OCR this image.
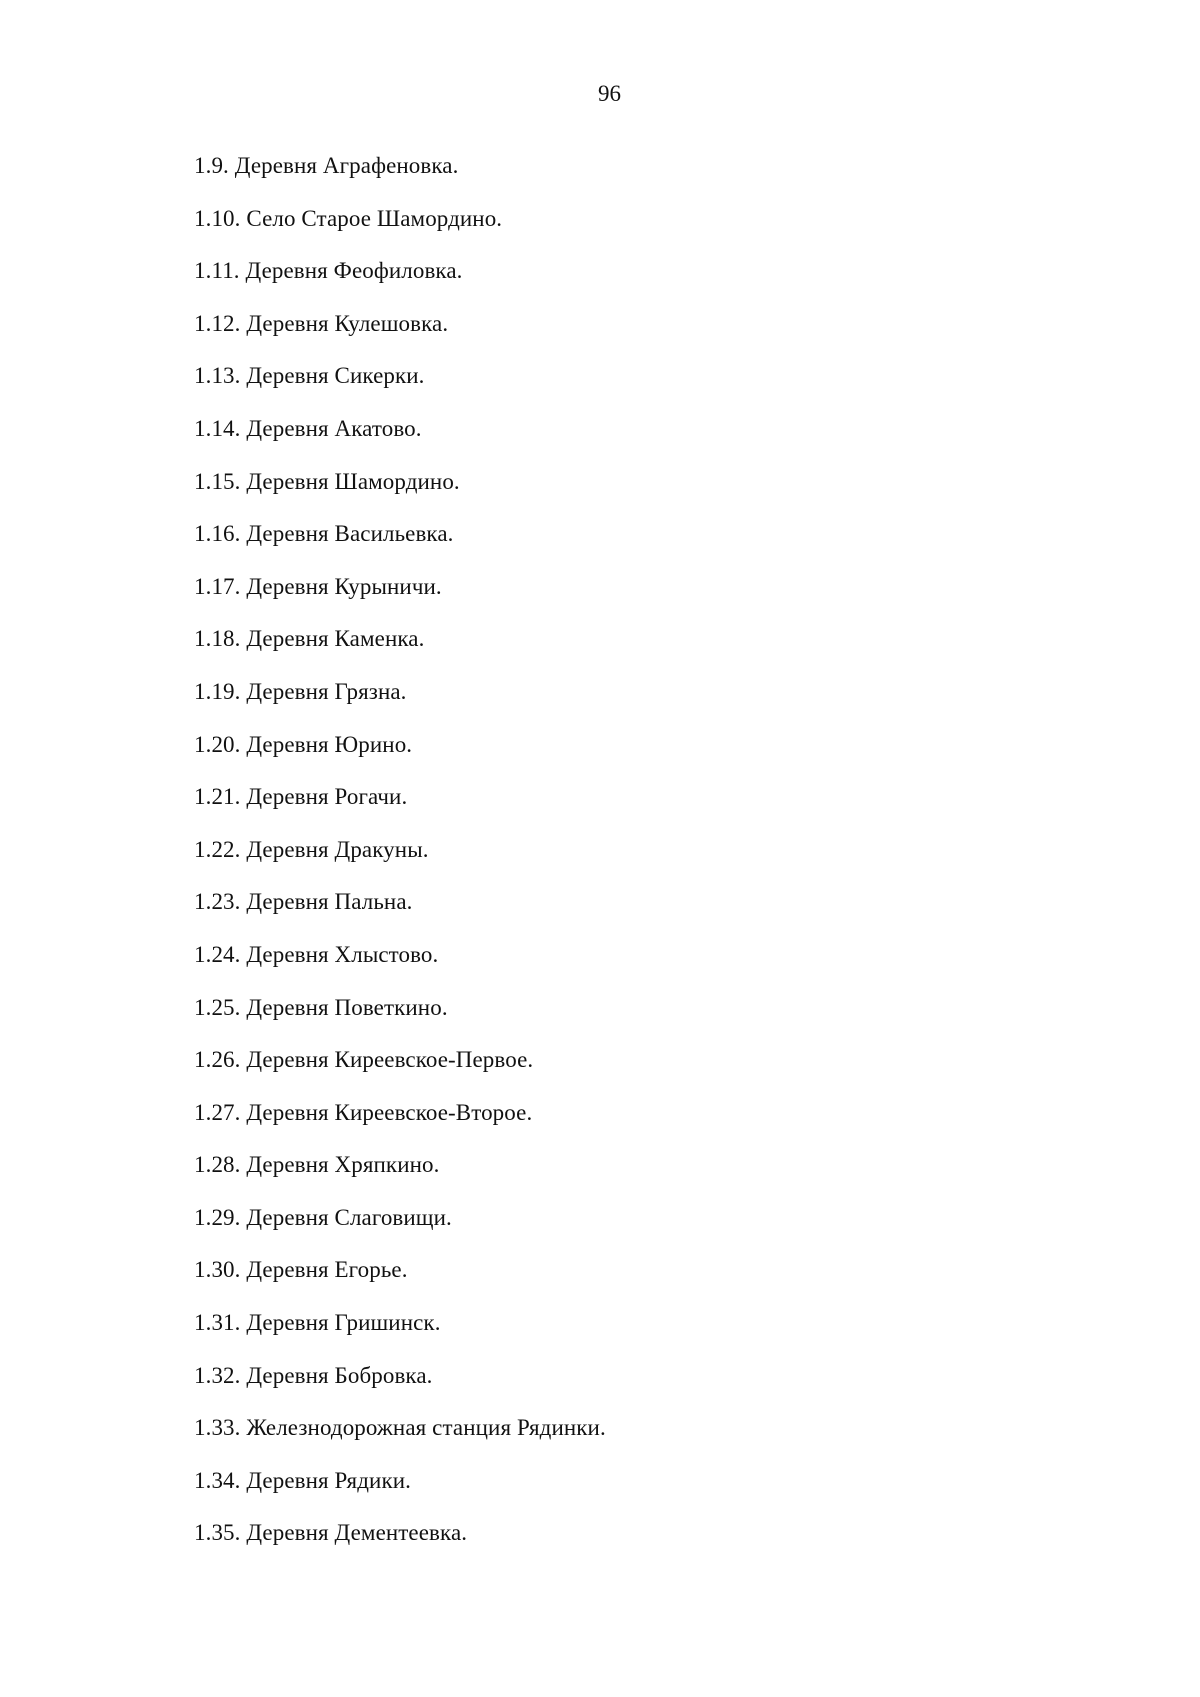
96
1.9. Деревня Аграфеновка.
1.10. Село Старое Шамордино.
1.11. Деревня Феофиловка.
1.12. Деревня Кулешовка.
1.13. Деревня Сикерки.
1.14. Деревня Акатово.
1.15. Деревня Шамордино.
1.16. Деревня Васильевка.
1.17. Деревня Курыничи.
1.18. Деревня Каменка.
1.19. Деревня Грязна.
1.20. Деревня Юрино.
1.21. Деревня Рогачи.
1.22. Деревня Дракуны.
1.23. Деревня Пальна.
1.24. Деревня Хлыстово.
1.25. Деревня Поветкино.
1.26. Деревня Киреевское-Первое.
1.27. Деревня Киреевское-Второе.
1.28. Деревня Хряпкино.
1.29. Деревня Слаговищи.
1.30. Деревня Егорье.
1.31. Деревня Гришинск.
1.32. Деревня Бобровка.
1.33. Железнодорожная станция Рядинки.
1.34. Деревня Рядики.
1.35. Деревня Дементеевка.
